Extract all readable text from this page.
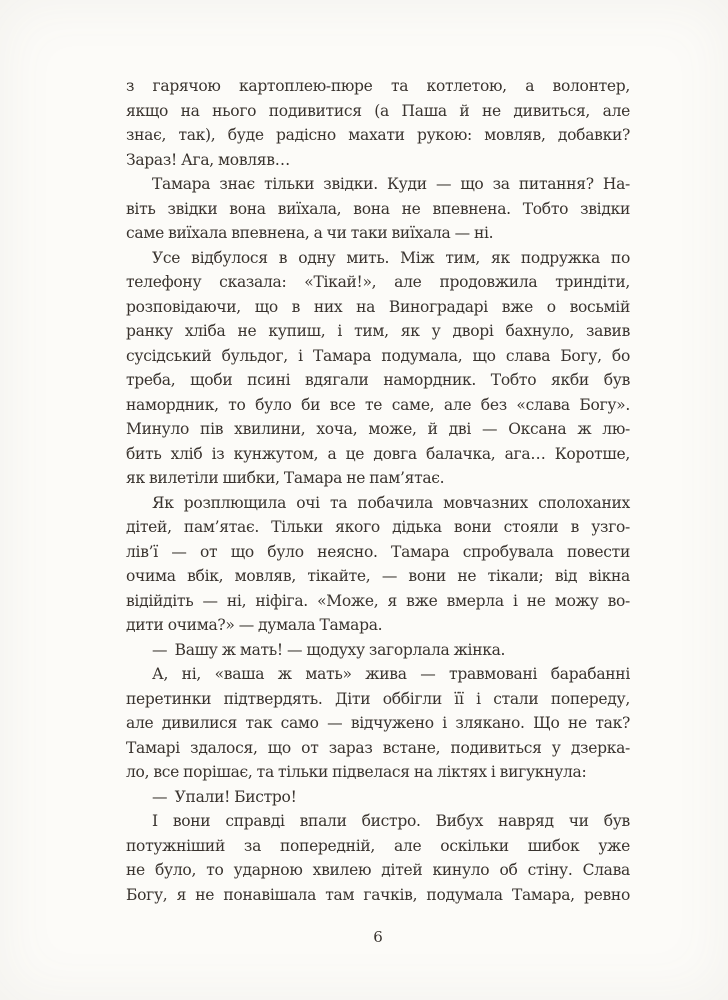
з гарячою картоплею-пюре та котлетою, а волонтер,
якщо на нього подивитися (а Паша й не дивиться, але
знає, так), буде радісно махати рукою: мовляв, добавки?
Зараз! Ага, мовляв…
Тамара знає тільки звідки. Куди — що за питання? На-
віть звідки вона виїхала, вона не впевнена. Тобто звідки
саме виїхала впевнена, а чи таки виїхала — ні.
Усе відбулося в одну мить. Між тим, як подружка по
телефону сказала: «Тікай!», але продовжила триндіти,
розповідаючи, що в них на Виноградарі вже о восьмій
ранку хліба не купиш, і тим, як у дворі бахнуло, завив
сусідський бульдог, і Тамара подумала, що слава Богу, бо
треба, щоби псині вдягали намордник. Тобто якби був
намордник, то було би все те саме, але без «слава Богу».
Минуло пів хвилини, хоча, може, й дві — Оксана ж лю-
бить хліб із кунжутом, а це довга балачка, ага… Коротше,
як вилетіли шибки, Тамара не пам’ятає.
Як розплющила очі та побачила мовчазних сполоханих
дітей, пам’ятає. Тільки якого дідька вони стояли в узго-
лів’ї — от що було неясно. Тамара спробувала повести
очима вбік, мовляв, тікайте, — вони не тікали; від вікна
відійдіть — ні, ніфіга. «Може, я вже вмерла і не можу во-
дити очима?» — думала Тамара.
— Вашу ж мать! — щодуху загорлала жінка.
А, ні, «ваша ж мать» жива — травмовані барабанні
перетинки підтвердять. Діти оббігли її і стали попереду,
але дивилися так само — відчужено і злякано. Що не так?
Тамарі здалося, що от зараз встане, подивиться у дзерка-
ло, все порішає, та тільки підвелася на ліктях і вигукнула:
— Упали! Бистро!
І вони справді впали бистро. Вибух навряд чи був
потужніший за попередній, але оскільки шибок уже
не було, то ударною хвилею дітей кинуло об стіну. Слава
Богу, я не понавішала там гачків, подумала Тамара, ревно
6
